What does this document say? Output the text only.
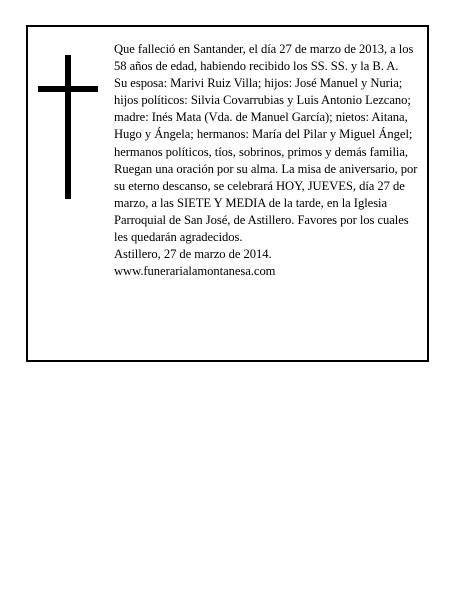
Que falleció en Santander, el día 27 de marzo de 2013, a los 58 años de edad, habiendo recibido los SS. SS. y la B. A.

Su esposa: Marivi Ruiz Villa; hijos: José Manuel y Nuria; hijos políticos: Silvia Covarrubias y Luis Antonio Lezcano; madre: Inés Mata (Vda. de Manuel García); nietos: Aitana, Hugo y Ángela; hermanos: María del Pilar y Miguel Ángel; hermanos políticos, tíos, sobrinos, primos y demás familia,

Ruegan una oración por su alma. La misa de aniversario, por su eterno descanso, se celebrará HOY, JUEVES, día 27 de marzo, a las SIETE Y MEDIA de la tarde, en la Iglesia Parroquial de San José, de Astillero. Favores por los cuales les quedarán agradecidos.

Astillero, 27 de marzo de 2014.

www.funerarialamontanesa.com
